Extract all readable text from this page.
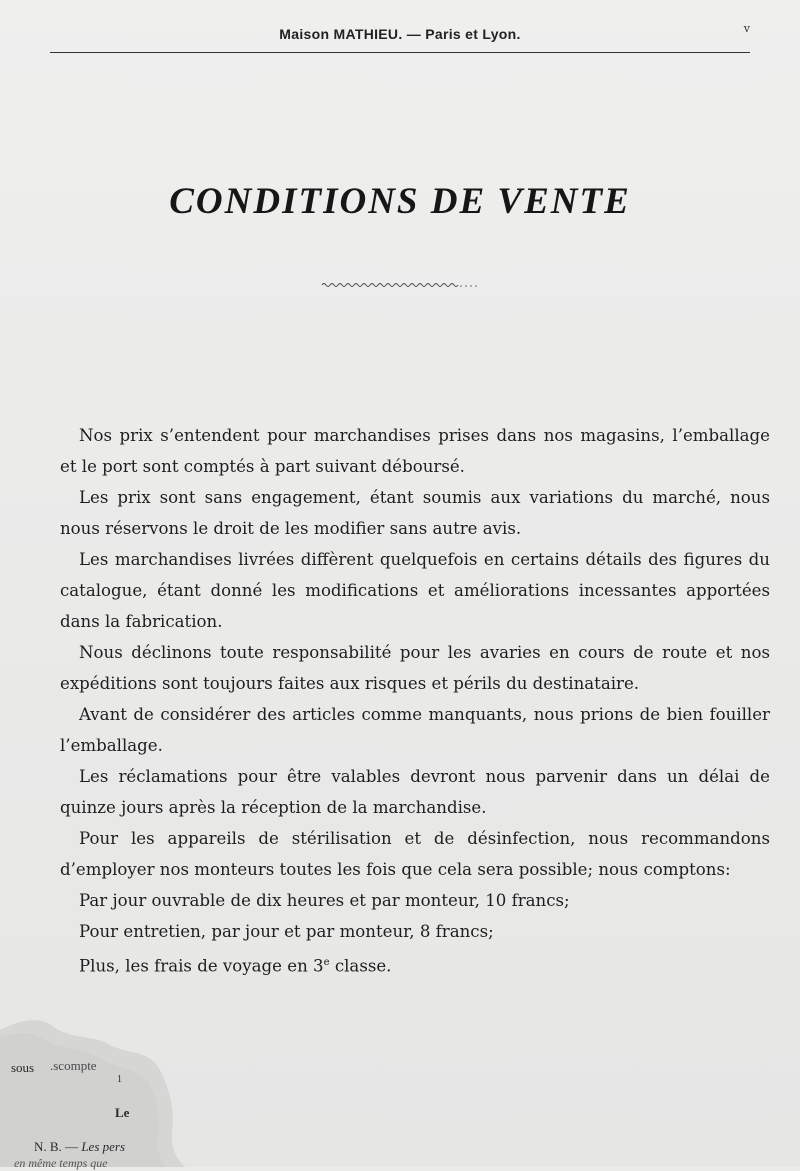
Maison MATHIEU. — Paris et Lyon.	v
CONDITIONS DE VENTE

Nos prix s’entendent pour marchandises prises dans nos magasins, l’emballage et le port sont comptés à part suivant déboursé.

Les prix sont sans engagement, étant soumis aux variations du marché, nous nous réservons le droit de les modifier sans autre avis.

Les marchandises livrées diffèrent quelquefois en certains détails des figures du catalogue, étant donné les modifications et améliorations incessantes apportées dans la fabrication.

Nous déclinons toute responsabilité pour les avaries en cours de route et nos expéditions sont toujours faites aux risques et périls du destinataire.

Avant de considérer des articles comme manquants, nous prions de bien fouiller l’emballage.

Les réclamations pour être valables devront nous parvenir dans un délai de quinze jours après la réception de la marchandise.

Pour les appareils de stérilisation et de désinfection, nous recommandons d’employer nos monteurs toutes les fois que cela sera possible; nous comptons:

Par jour ouvrable de dix heures et par monteur, 10 francs;

Pour entretien, par jour et par monteur, 8 francs;

Plus, les frais de voyage en 3e classe.

sous .scompte
1
Le
N. B. — Les pers
en même temps que
